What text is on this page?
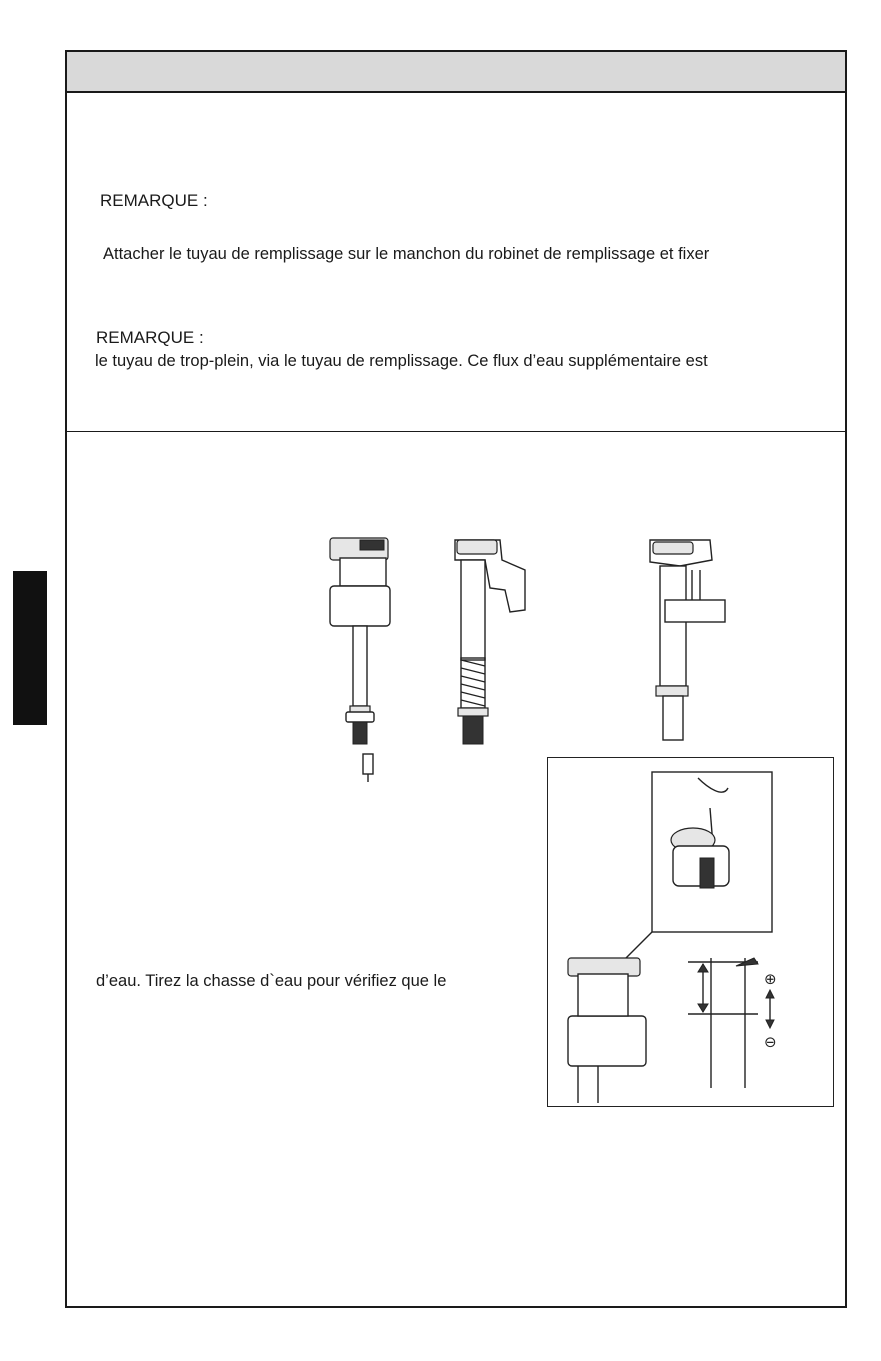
REMARQUE :
Attacher le tuyau de remplissage sur le manchon du robinet de remplissage et fixer
REMARQUE :
le tuyau de trop-plein, via le tuyau de remplissage. Ce flux d’eau supplémentaire est
d’eau. Tirez la chasse d`eau pour vérifiez que le	⊕
⊖
